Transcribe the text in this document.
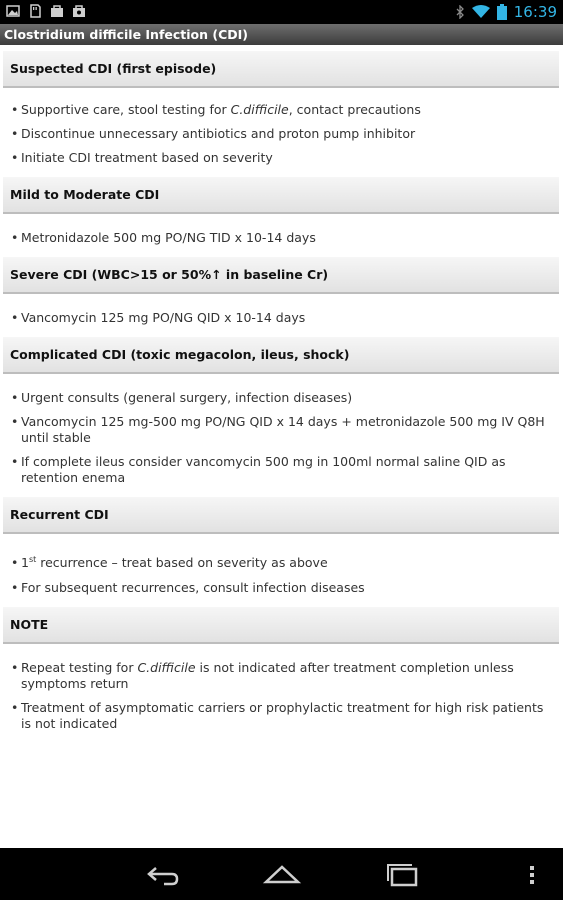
16:39
Clostridium difficile Infection (CDI)
Suspected CDI (first episode)
• Supportive care, stool testing for C.difficile, contact precautions
• Discontinue unnecessary antibiotics and proton pump inhibitor
• Initiate CDI treatment based on severity
Mild to Moderate CDI
• Metronidazole 500 mg PO/NG TID x 10-14 days
Severe CDI (WBC>15 or 50%↑ in baseline Cr)
• Vancomycin 125 mg PO/NG QID x 10-14 days
Complicated CDI (toxic megacolon, ileus, shock)
• Urgent consults (general surgery, infection diseases)
• Vancomycin 125 mg-500 mg PO/NG QID x 14 days + metronidazole 500 mg IV Q8H until stable
• If complete ileus consider vancomycin 500 mg in 100ml normal saline QID as retention enema
Recurrent CDI
• 1st recurrence – treat based on severity as above
• For subsequent recurrences, consult infection diseases
NOTE
• Repeat testing for C.difficile is not indicated after treatment completion unless symptoms return
• Treatment of asymptomatic carriers or prophylactic treatment for high risk patients is not indicated
